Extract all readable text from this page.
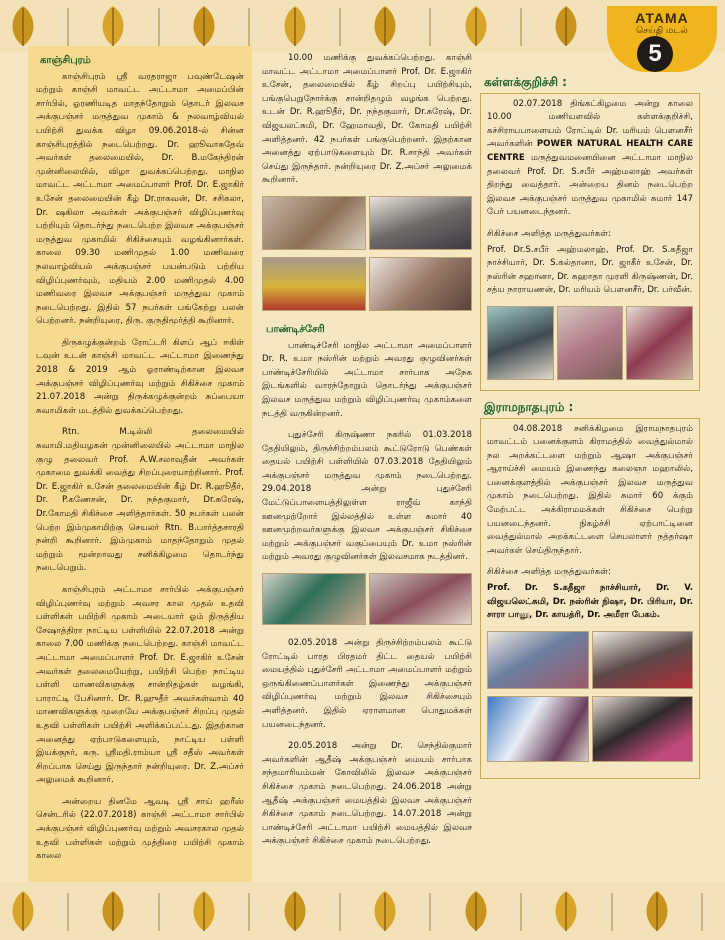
ATAMA
செய்தி மடல்
5
காஞ்சிபுரம்

காஞ்சிபுரம் ஸ்ரீ வரதராஜா பவுண்டேஷன் மற்றும் காஞ்சி மாவட்ட அட்டாமா அமைப்பின் சார்பில், ஓரணியடித மாதந்தோறும் தொடர் இலவச அக்குபஞ்சர் மருத்துவ முகாம் & நலவாழ்வியல் பயிற்சி துவக்க விழா 09.06.2018-ல் சின்ன காஞ்சிபுரத்தில் நடைபெற்றது. Dr. ஹூவாசுதேவ் அவர்கள் தலைமையில், Dr. B.மகேந்திரன் முன்னிலையில், விழா துவக்கப்பெற்றது. மாநில மாவட்ட அட்டாமா அமைப்பாளர் Prof. Dr. E.ஜாகிர் உசேன் தலைமையின் கீழ் Dr.ராகவன், Dr. சசிகலா, Dr. ஷகிலா அவர்கள் அக்குபஞ்சர் விழிப்புணர்வு பற்றியும் தொடர்ந்து நடைபெற்ற இலவச அக்குபஞ்சர் மருத்துவ முகாமில் சிகிச்சையும் வழங்கினார்கள். காலை 09.30 மணிமுதல் 1.00 மணிவரை நலவாழ்வியல் அக்குபஞ்சர் பயன்படும் பற்றிய விழிப்புணர்வும், மதியம் 2.00 மணிமுதல் 4.00 மணிவரை இலவச அக்குபஞ்சர் மருத்துவ முகாம் நடைபெற்றது. இதில் 57 நபர்கள் பங்கேற்று பலன் பெற்றனர். நன்றியுரை, திரு. குருதிமூர்த்தி கூறினார்.

திருகழுக்குன்றம் ரோட்டரி கிளப் ஆப் ஈகிள் டவுன் உடன் காஞ்சி மாவட்ட அட்டாமா இணைந்து 2018 & 2019 ஆம் ஓராண்டிற்கான இலவச அக்குபஞ்சர் விழிப்புணர்வு மற்றும் சிகிச்சை முகாம் 21.07.2018 அன்று திருக்கழுக்குன்றம் சுப்பையா சுவாமிகள் மடத்தில் துவக்கப்பெற்றது.

Rtn. M.டில்லி தலைமையில் சுவாமி.மதியழகன் முன்னிலையில் அட்டாமா மாநில குழு தலைவர் Prof. A.W.சலாவுதீன் அவர்கள் முகாமை துவக்கி வைத்து சிறப்புரையாற்றினார். Prof. Dr. E.ஜாகிர் உசேன் தலைமையின் கீழ் Dr. R.ஹூதீர், Dr. P.கணேசன், Dr. நந்தகுமார், Dr.சுரேஷ், Dr.கோமதி சிகிச்சை அளித்தார்கள். 50 நபர்கள் பலன் பெற்ற இம்முகாமிற்கு செயலர் Rtn. B.பார்த்தசாரதி நன்றி கூறினார். இம்முகாம் மாதந்தோறும் முதல் மற்றும் மூன்றாவது சனிக்கிழமை தொடர்ந்து நடைபெறும்.

காஞ்சிபுரம் அட்டாமா சார்பில் அக்குபஞ்சர் விழிப்புணர்வு மற்றும் அவசர கால முதல் உதவி பள்ளிகள் பயிற்சி முகாம் அடையார் ஓம் நிருத்திய சேஷாத்திரா நாட்டிய பள்ளியில் 22.07.2018 அன்று காலை 7.00 மணிக்கு நடைபெற்றது. காஞ்சி மாவட்ட அட்டாமா அமைப்பாளர் Prof. Dr. E.ஜாகிர் உசேன் அவர்கள் தலைமையேற்று, பயிற்சி பெற்ற நாட்டிய பள்ளி மாணவிகளுக்கு சான்றிதழ்கள் வழங்கி, பாராட்டி பேசினார். Dr. R.ஹுதீர் அவர்கள்வாம் 40 மாணவிகளுக்கு முறையே அக்குபஞ்சர் சிறப்பு முதல் உதவி பள்ளிகள் பயிற்சி அளிக்கப்பட்டது. இதற்கான அனைத்து ஏற்பாடுகளையும், நாட்டிய பள்ளி இயக்குநர், கரு. ஸ்ரீமதி.ராம்யா ஸ்ரீ சதீஸ் அவர்கள் சிறப்பாக செய்து இருந்தார் நன்றியுரை. Dr. Z.அப்சர் அலுமைக் கூறினார்.

அன்றைய தினமே ஆவடி ஸ்ரீ சாய் ஹரீஸ் சென்டரில் (22.07.2018) காஞ்சி அட்டாமா சார்பில் அக்குபஞ்சர் விழிப்புணர்வு மற்றும் அவசரகால முதல் உதவி பள்ளிகள் மற்றும் முத்திரை பயிற்சி முகாம் காலை

10.00 மணிக்கு துவக்கப்பெற்றது. காஞ்சி மாவட்ட அட்டாமா அமைப்பாளர் Prof. Dr. E.ஜாகிர் உசேன், தலைமையில் கீழ் சிறப்பு பயிற்சியும், பங்குபெறுநோர்க்கு சான்றிதழும் வழங்க பெற்றது. உடன் Dr. R.ஹூதீர், Dr. நந்தகுமார், Dr.சுரேஷ், Dr. விஜயலட்சுமி, Dr. ஹேமாவதி, Dr. கோமதி பயிற்சி அளித்தனர். 42 நபர்கள் பங்குபெற்றனர். இதற்கான அனைத்து ஏற்பாடுகளையும் Dr. R.சாந்தி அவர்கள் செய்து இருந்தார். நன்றியுரை Dr. Z.அப்சர் அலுமைக் கூறினார்.

பாண்டிச்சேரி

பாண்டிச்சேரி மாநில அட்டாமா அமைப்பாளர் Dr. R. உமா நஸ்ரின் மற்றும் அவரது குழுவினர்கள் பாண்டிச்சேரியில் அட்டாமா சார்பாக அநேக இடங்களில் வாரந்தோறும் தொடர்ந்து அக்குபஞ்சர் இலவச மருத்துவ மற்றும் விழிப்புணர்வு முகாம்களை நடத்தி வருகின்றனர்.

புதுச்சேரி கிருஷ்ணா நகரில் 01.03.2018 தேதியிலும், திருச்சிற்றம்பலம் கூட்டுரோடு பெண்கள் தையல் பயிற்சி பள்ளியில் 07.03.2018 தேதியிலும் அக்குபஞ்சர் மருத்துவ முகாம் நடைபெற்றது. 29.04.2018 அன்று புதுச்சேரி மேட்டுப்பாளையத்திலுள்ள ராஜீவ் காந்தி ஊனமுற்றோர் இல்லத்தில் உள்ள சுமார் 40 ஊனமுற்றவர்களுக்கு இலவச அக்குபஞ்சர் சிகிச்சை மற்றும் அக்குபஞ்சர் வகுப்பையும் Dr. உமா நஸ்ரின் மற்றும் அவரது குழுவினர்கள் இலவசமாக நடத்தினர்.

02.05.2018 அன்று திருச்சிற்றம்பலம் கூட்டு ரோட்டில் பாரத பிரதமர் திட்ட தையல் பயிற்சி மையத்தில் புதுச்சேரி அட்டாமா அமைப்பாளர் மற்றும் ஒருங்கிணைப்பாளர்கள் இணைந்து அக்குபஞ்சர் விழிப்புணர்வு மற்றும் இலவச சிகிச்சையும் அளித்தனர். இதில் ஏராளமான பொதுமக்கள் பயனடைந்தனர்.

20.05.2018 அன்று Dr. செந்தில்குமார் அவர்களின் ஆதீஷ் அக்குபஞ்சர் மையம் சார்பாக சந்தமாரியம்மன் கோவிலில் இலவச அக்குபஞ்சர் சிகிச்சை முகாம் நடைபெற்றது. 24.06.2018 அன்று ஆதீஷ் அக்குபஞ்சர் மையத்தில் இலவச அக்குபஞ்சர் சிகிச்சை முகாம் நடைபெற்றது. 14.07.2018 அன்று பாண்டிச்சேரி அட்டாமா பயிற்சி மையத்தில் இலவச அக்குபஞ்சர் சிகிச்சை முகாம் நடைபெற்றது.

கள்ளக்குறிச்சி :

02.07.2018 திங்கட்கிழமை அன்று காலை 10.00 மணியளவில் கள்ளக்குறிச்சி, கச்சிராயபாளையம் ரோட்டில் Dr. மரியம் பௌனசீர் அவர்களின் POWER NATURAL HEALTH CARE CENTRE மருத்துவமனையினை அட்டாமா மாநில தலைவர் Prof. Dr. S.சபீர் அஹ்மலாஹ் அவர்கள் திறந்து வைத்தார். அன்றைய தினம் நடைபெற்ற இலவச அக்குபஞ்சர் மருத்துவ முகாமில் சுமார் 147 பேர் பயனடைந்தனர்.

சிகிச்சை அளித்த மருத்துவர்கள்:

Prof. Dr.S.சபீர் அஹ்மலாஹ், Prof. Dr. S.கதீஜா நாச்சியார், Dr. S.கல்தானா, Dr. ஜாகீர் உசேன், Dr. நஸ்ரின் சஹானா, Dr. சுஹாதா முரளி கிருஷ்ணன், Dr. சத்ய நாராயணன், Dr. மரியம் பௌனசீர், Dr. பர்வீன்.

இராமநாதபுரம் :

04.08.2018 சனிக்கிழமை இராமநாதபுரம் மாவட்டம் பனைக்குளம் கிராமத்தில் வைத்துல்மால் நல அறக்கட்டளை மற்றும் ஆஷா அக்குபஞ்சர் ஆராய்ச்சி மையம் இணைந்து கலைஞா மஹாலில், பனைக்குளத்தில் அக்குபஞ்சர் இலவச மருத்துவ முகாம் நடைபெற்றது. இதில் சுமார் 60 க்கும் மேற்பட்ட அக்கிராமமக்கள் சிகிச்சை பெற்று பயனடைந்தனர். நிகழ்ச்சி ஏற்பாட்டினை வைத்துல்மால் அறக்கட்டளை செயலாளர் நத்தர்ஷா அவர்கள் செய்திருந்தார்.

சிகிச்சை அளித்த மருத்துவர்கள்:

Prof. Dr. S.கதீஜா நாச்சியார், Dr. V. விஜயலெட்சுமி, Dr. நஸ்ரின் நிஷா, Dr. பிரியா, Dr. சாரா பானு, Dr. காயத்ரி, Dr. அமீரா பேகம்.
